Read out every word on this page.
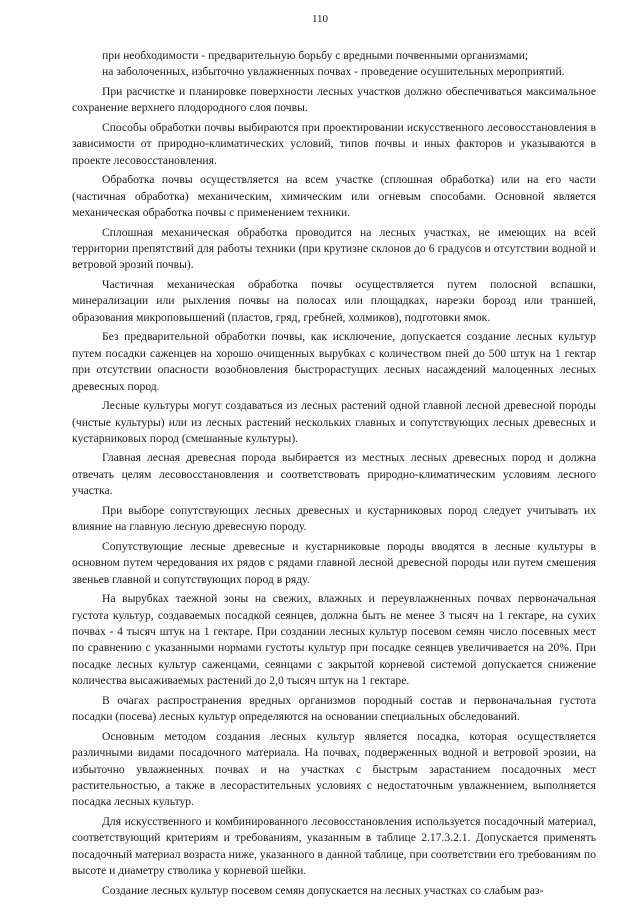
110

при необходимости - предварительную борьбу с вредными почвенными организмами;

на заболоченных, избыточно увлажненных почвах - проведение осушительных мероприятий.

При расчистке и планировке поверхности лесных участков должно обеспечиваться максимальное сохранение верхнего плодородного слоя почвы.

Способы обработки почвы выбираются при проектировании искусственного лесовосстановления в зависимости от природно-климатических условий, типов почвы и иных факторов и указываются в проекте лесовосстановления.

Обработка почвы осуществляется на всем участке (сплошная обработка) или на его части (частичная обработка) механическим, химическим или огневым способами. Основной является механическая обработка почвы с применением техники.

Сплошная механическая обработка проводится на лесных участках, не имеющих на всей территории препятствий для работы техники (при крутизне склонов до 6 градусов и отсутствии водной и ветровой эрозий почвы).

Частичная механическая обработка почвы осуществляется путем полосной вспашки, минерализации или рыхления почвы на полосах или площадках, нарезки борозд или траншей, образования микроповышений (пластов, гряд, гребней, холмиков), подготовки ямок.

Без предварительной обработки почвы, как исключение, допускается создание лесных культур путем посадки саженцев на хорошо очищенных вырубках с количеством пней до 500 штук на 1 гектар при отсутствии опасности возобновления быстрорастущих лесных насаждений малоценных лесных древесных пород.

Лесные культуры могут создаваться из лесных растений одной главной лесной древесной породы (чистые культуры) или из лесных растений нескольких главных и сопутствующих лесных древесных и кустарниковых пород (смешанные культуры).

Главная лесная древесная порода выбирается из местных лесных древесных пород и должна отвечать целям лесовосстановления и соответствовать природно-климатическим условиям лесного участка.

При выборе сопутствующих лесных древесных и кустарниковых пород следует учитывать их влияние на главную лесную древесную породу.

Сопутствующие лесные древесные и кустарниковые породы вводятся в лесные культуры в основном путем чередования их рядов с рядами главной лесной древесной породы или путем смешения звеньев главной и сопутствующих пород в ряду.

На вырубках таежной зоны на свежих, влажных и переувлажненных почвах первоначальная густота культур, создаваемых посадкой сеянцев, должна быть не менее 3 тысяч на 1 гектаре, на сухих почвах - 4 тысяч штук на 1 гектаре. При создании лесных культур посевом семян число посевных мест по сравнению с указанными нормами густоты культур при посадке сеянцев увеличивается на 20%. При посадке лесных культур саженцами, сеянцами с закрытой корневой системой допускается снижение количества высаживаемых растений до 2,0 тысяч штук на 1 гектаре.

В очагах распространения вредных организмов породный состав и первоначальная густота посадки (посева) лесных культур определяются на основании специальных обследований.

Основным методом создания лесных культур является посадка, которая осуществляется различными видами посадочного материала. На почвах, подверженных водной и ветровой эрозии, на избыточно увлажненных почвах и на участках с быстрым зарастанием посадочных мест растительностью, а также в лесорастительных условиях с недостаточным увлажнением, выполняется посадка лесных культур.

Для искусственного и комбинированного лесовосстановления используется посадочный материал, соответствующий критериям и требованиям, указанным в таблице 2.17.3.2.1. Допускается применять посадочный материал возраста ниже, указанного в данной таблице, при соответствии его требованиям по высоте и диаметру стволика у корневой шейки.

Создание лесных культур посевом семян допускается на лесных участках со слабым раз-
